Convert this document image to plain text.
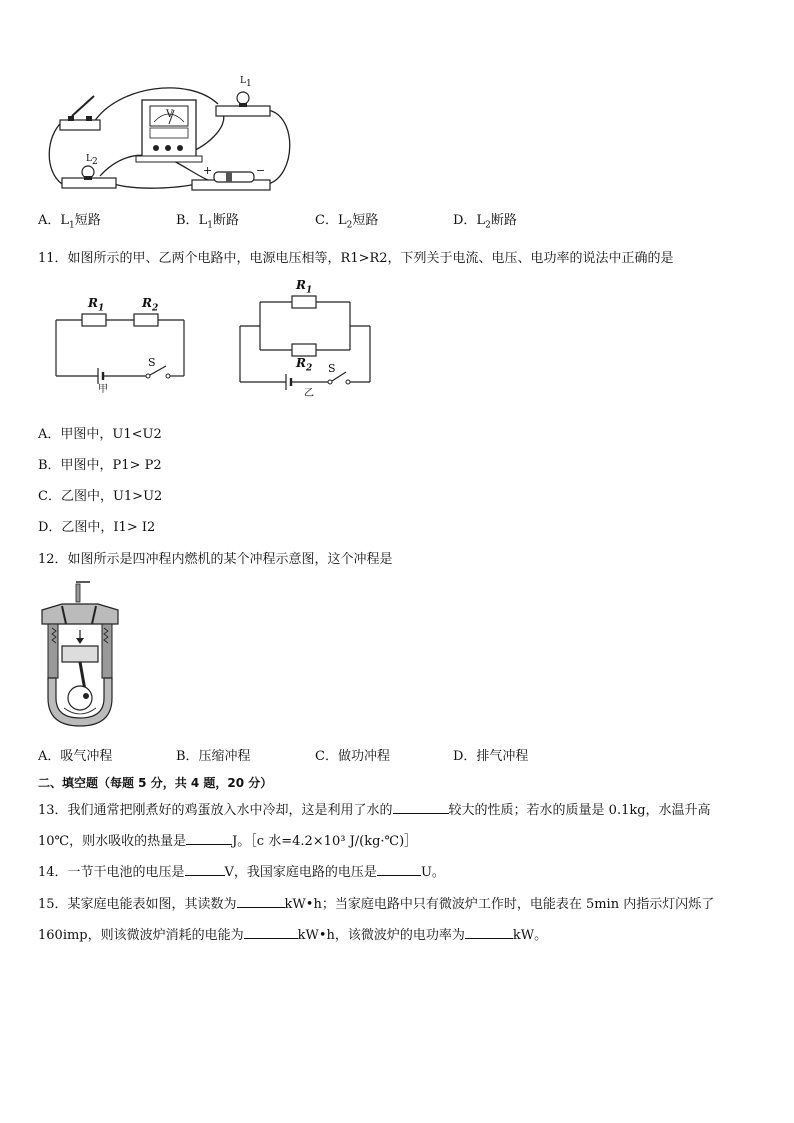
$L_1$
$L_2$
V
+	−
A．$L_1$短路	B．$L_1$断路	C．$L_2$短路	D．$L_2$断路
11．如图所示的甲、乙两个电路中，电源电压相等，R1>R2，下列关于电流、电压、电功率的说法中正确的是
$R_1$	$R_2$
S
甲
$R_1$
$R_2$ S
乙
A．甲图中，U1<U2
B．甲图中，P1> P2
C．乙图中，U1>U2
D．乙图中，I1> I2
12．如图所示是四冲程内燃机的某个冲程示意图，这个冲程是
A．吸气冲程	B．压缩冲程	C．做功冲程	D．排气冲程
二、填空题（每题 5 分，共 4 题，20 分）
13．我们通常把刚煮好的鸡蛋放入水中冷却，这是利用了水的	较大的性质；若水的质量是 0.1kg，水温升高
10℃，则水吸收的热量是	J。［c 水=4.2×10³ J/(kg·℃)］
14．一节干电池的电压是	V，我国家庭电路的电压是	U。
15．某家庭电能表如图，其读数为	kW•h；当家庭电路中只有微波炉工作时，电能表在 5min 内指示灯闪烁了
160imp，则该微波炉消耗的电能为	kW•h，该微波炉的电功率为	kW。
